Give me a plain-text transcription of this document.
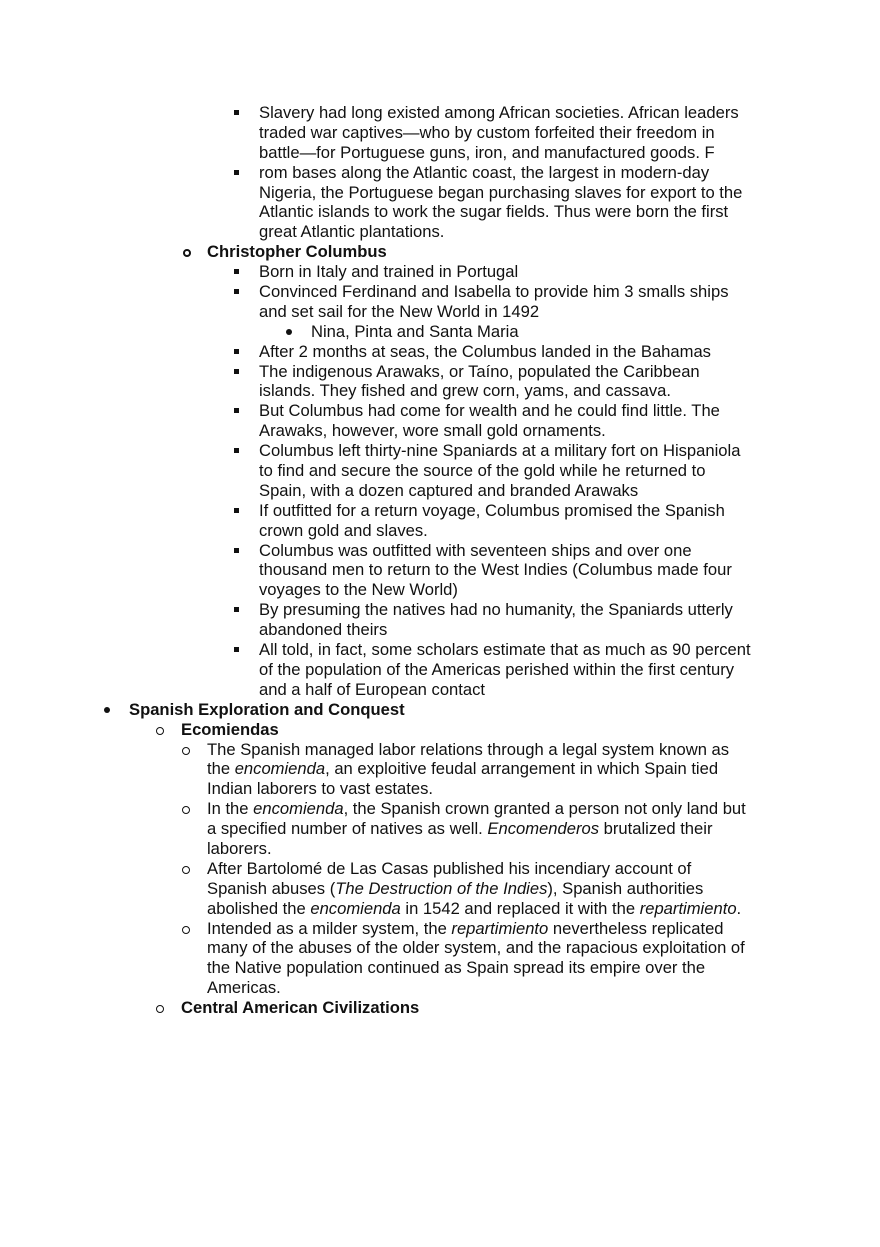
Slavery had long existed among African societies. African leaders
traded war captives—who by custom forfeited their freedom in
battle—for Portuguese guns, iron, and manufactured goods. F
rom bases along the Atlantic coast, the largest in modern-day
Nigeria, the Portuguese began purchasing slaves for export to the
Atlantic islands to work the sugar fields. Thus were born the first
great Atlantic plantations.
Christopher Columbus
Born in Italy and trained in Portugal
Convinced Ferdinand and Isabella to provide him 3 smalls ships
and set sail for the New World in 1492
Nina, Pinta and Santa Maria
After 2 months at seas, the Columbus landed in the Bahamas
The indigenous Arawaks, or Taíno, populated the Caribbean
islands. They fished and grew corn, yams, and cassava.
But Columbus had come for wealth and he could find little. The
Arawaks, however, wore small gold ornaments.
Columbus left thirty-nine Spaniards at a military fort on Hispaniola
to find and secure the source of the gold while he returned to
Spain, with a dozen captured and branded Arawaks
If outfitted for a return voyage, Columbus promised the Spanish
crown gold and slaves.
Columbus was outfitted with seventeen ships and over one
thousand men to return to the West Indies (Columbus made four
voyages to the New World)
By presuming the natives had no humanity, the Spaniards utterly
abandoned theirs
All told, in fact, some scholars estimate that as much as 90 percent
of the population of the Americas perished within the first century
and a half of European contact
Spanish Exploration and Conquest
Ecomiendas
The Spanish managed labor relations through a legal system known as
the encomienda, an exploitive feudal arrangement in which Spain tied
Indian laborers to vast estates.
In the encomienda, the Spanish crown granted a person not only land but
a specified number of natives as well. Encomenderos brutalized their
laborers.
After Bartolomé de Las Casas published his incendiary account of
Spanish abuses (The Destruction of the Indies), Spanish authorities
abolished the encomienda in 1542 and replaced it with the repartimiento.
Intended as a milder system, the repartimiento nevertheless replicated
many of the abuses of the older system, and the rapacious exploitation of
the Native population continued as Spain spread its empire over the
Americas.
Central American Civilizations
